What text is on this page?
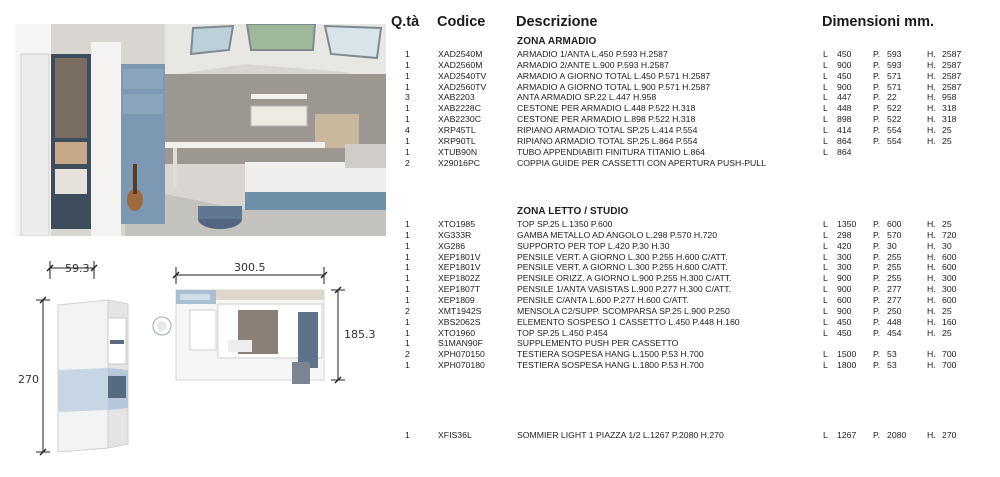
59.3
270
300.5
185.3
Q.tà Codice Descrizione	Dimensioni mm.
ZONA ARMADIO
1	XAD2540M	ARMADIO 1/ANTA L.450 P.593 H.2587	L 450 P. 593	H. 2587
1	XAD2560M	ARMADIO 2/ANTE L.900 P.593 H.2587	L 900 P. 593	H. 2587
1	XAD2540TV	ARMADIO A GIORNO TOTAL L.450 P.571 H.2587	L 450 P. 571	H. 2587
1	XAD2560TV	ARMADIO A GIORNO TOTAL L.900 P.571 H.2587	L 900 P. 571	H. 2587
3	XAB2203	ANTA ARMADIO SP.22 L.447 H.958	L 447 P. 22	H. 958
1	XAB2228C	CESTONE PER ARMADIO L.448 P.522 H.318	L 448 P. 522	H. 318
1	XAB2230C	CESTONE PER ARMADIO L.898 P.522 H.318	L 898 P. 522	H. 318
4	XRP45TL	RIPIANO ARMADIO TOTAL SP.25 L.414 P.554	L 414 P. 554	H. 25
1	XRP90TL	RIPIANO ARMADIO TOTAL SP.25 L.864 P.554	L 864 P. 554	H. 25
1	XTUB90N	TUBO APPENDIABITI FINITURA TITANIO L.864	L 864
2	X29016PC	COPPIA GUIDE PER CASSETTI CON APERTURA PUSH-PULL
ZONA LETTO / STUDIO
1	XTO1985	TOP SP.25 L.1350 P.600	L 1350 P. 600	H. 25
1	XG333R	GAMBA METALLO AD ANGOLO L.298 P.570 H.720	L 298 P. 570	H. 720
1	XG286	SUPPORTO PER TOP L.420 P.30 H.30	L 420 P. 30	H. 30
1	XEP1801V	PENSILE VERT. A GIORNO L.300 P.255 H.600 C/ATT.	L 300 P. 255	H. 600
1	XEP1801V	PENSILE VERT. A GIORNO L.300 P.255 H.600 C/ATT.	L 300 P. 255	H. 600
1	XEP1802Z	PENSILE ORIZZ. A GIORNO L.900 P.255 H.300 C/ATT.	L 900 P. 255	H. 300
1	XEP1807T	PENSILE 1/ANTA VASISTAS L.900 P.277 H.300 C/ATT.	L 900 P. 277	H. 300
1	XEP1809	PENSILE C/ANTA L.600 P.277 H.600 C/ATT.	L 600 P. 277	H. 600
2	XMT1942S	MENSOLA C2/SUPP. SCOMPARSA SP.25 L.900 P.250	L 900 P. 250	H. 25
1	XBS2062S	ELEMENTO SOSPESO 1 CASSETTO L.450 P.448 H.160	L 450 P. 448	H. 160
1	XTO1960	TOP SP.25 L.450 P.454	L 450 P. 454	H. 25
1	S1MAN90F	SUPPLEMENTO PUSH PER CASSETTO
2	XPH070150	TESTIERA SOSPESA HANG L.1500 P.53 H.700	L 1500 P. 53	H. 700
1	XPH070180	TESTIERA SOSPESA HANG L.1800 P.53 H.700	L 1800 P. 53	H. 700
1	XFIS36L	SOMMIER LIGHT 1 PIAZZA 1/2 L.1267 P.2080 H.270	L 1267 P. 2080 H. 270
